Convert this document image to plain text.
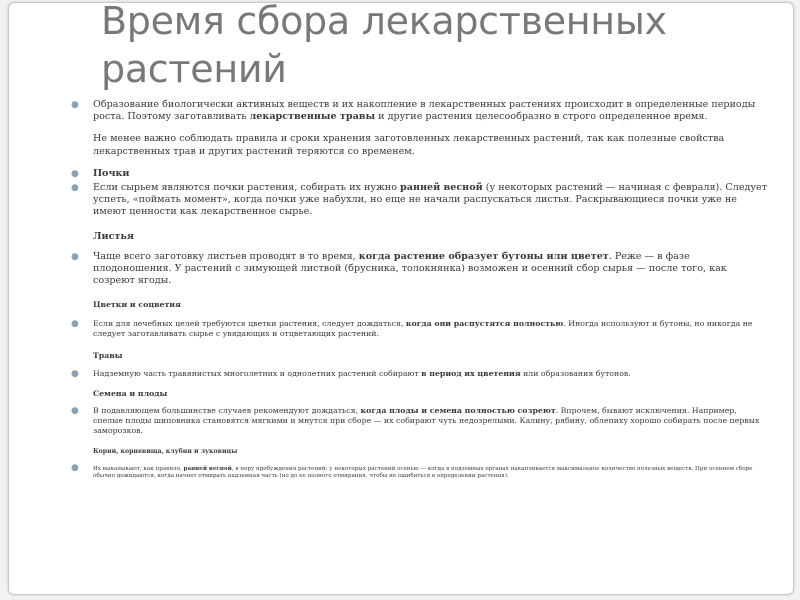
Время сбора лекарственных
растений
● Образование биологически активных веществ и их накопление в лекарственных растениях происходит в определенные периоды роста. Поэтому заготавливать лекарственные травы и другие растения целесообразно в строго определенное время.

Не менее важно соблюдать правила и сроки хранения заготовленных лекарственных растений, так как полезные свойства лекарственных трав и других растений теряются со временем.

● Почки

● Если сырьем являются почки растения, собирать их нужно ранней весной (у некоторых растений — начиная с февраля). Следует успеть, «поймать момент», когда почки уже набухли, но еще не начали распускаться листья. Раскрывающиеся почки уже не имеют ценности как лекарственное сырье.

Листья

● Чаще всего заготовку листьев проводят в то время, когда растение образует бутоны или цветет. Реже — в фазе плодоношения. У растений с зимующей листвой (брусника, толокнянка) возможен и осенний сбор сырья — после того, как созреют ягоды.

Цветки и соцветия

● Если для лечебных целей требуются цветки растения, следует дождаться, когда они распустятся полностью. Иногда используют и бутоны, но никогда не следует заготавливать сырье с увядающих и отцветающих растений.

Травы

● Надземную часть травянистых многолетних и однолетних растений собирают в период их цветения или образования бутонов.

Семена и плоды

● В подавляющем большинстве случаев рекомендуют дождаться, когда плоды и семена полностью созреют. Впрочем, бывают исключения. Например, спелые плоды шиповника становятся мягкими и мнутся при сборе — их собирают чуть недозрелыми. Калину, рябину, облепиху хорошо собирать после первых заморозков.

Корни, корневища, клубни и луковицы

●	Их выкапывают, как правило, ранней весной, в пору пробуждения растений; у некоторых растений осенью — когда в подземных органах накапливается максимальное количество полезных веществ. При осеннем сборе обычно дожидаются, когда начнет отмирать надземная часть (но до ее полного отмирания, чтобы не ошибиться в определении растения).
